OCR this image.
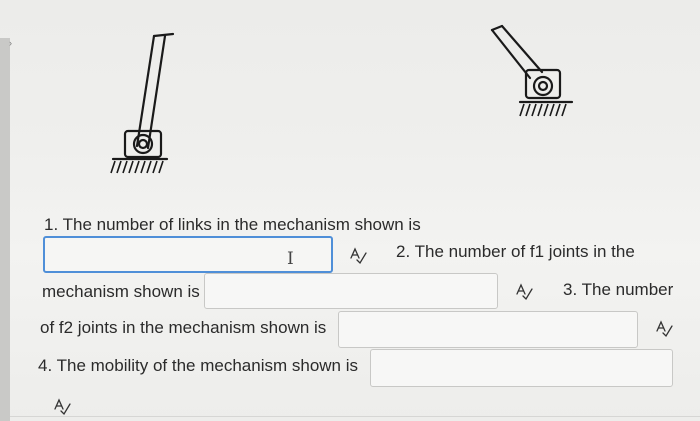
›
1. The number of links in the mechanism shown is
I	2. The number of f1 joints in the
mechanism shown is	3. The number
of f2 joints in the mechanism shown is
4. The mobility of the mechanism shown is
